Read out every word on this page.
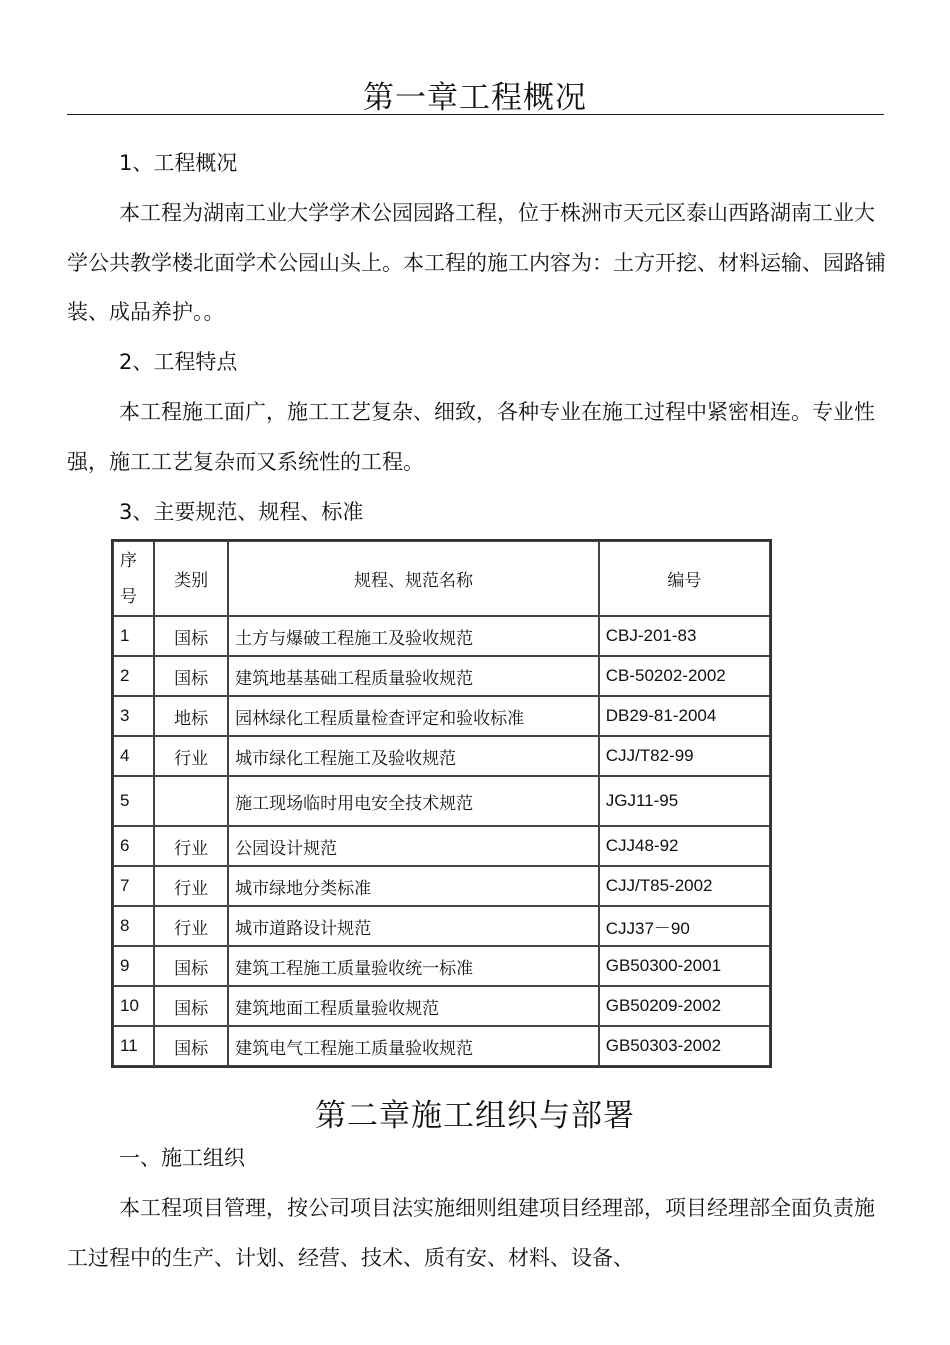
第一章工程概况

1、工程概况

本工程为湖南工业大学学术公园园路工程，位于株洲市天元区泰山西路湖南工业大学公共教学楼北面学术公园山头上。本工程的施工内容为：土方开挖、材料运输、园路铺装、成品养护。。

2、工程特点

本工程施工面广，施工工艺复杂、细致，各种专业在施工过程中紧密相连。专业性强，施工工艺复杂而又系统性的工程。

3、主要规范、规程、标准

序号	类别	规程、规范名称	编号
1	国标	土方与爆破工程施工及验收规范	CBJ-201-83
2	国标	建筑地基基础工程质量验收规范	CB-50202-2002
3	地标	园林绿化工程质量检查评定和验收标准	DB29-81-2004
4	行业	城市绿化工程施工及验收规范	CJJ/T82-99
5		施工现场临时用电安全技术规范	JGJ11-95
6	行业	公园设计规范	CJJ48-92
7	行业	城市绿地分类标准	CJJ/T85-2002
8	行业	城市道路设计规范	CJJ37－90
9	国标	建筑工程施工质量验收统一标准	GB50300-2001
10	国标	建筑地面工程质量验收规范	GB50209-2002
11	国标	建筑电气工程施工质量验收规范	GB50303-2002
第二章施工组织与部署

一、施工组织

本工程项目管理，按公司项目法实施细则组建项目经理部，项目经理部全面负责施工过程中的生产、计划、经营、技术、质有安、材料、设备、
